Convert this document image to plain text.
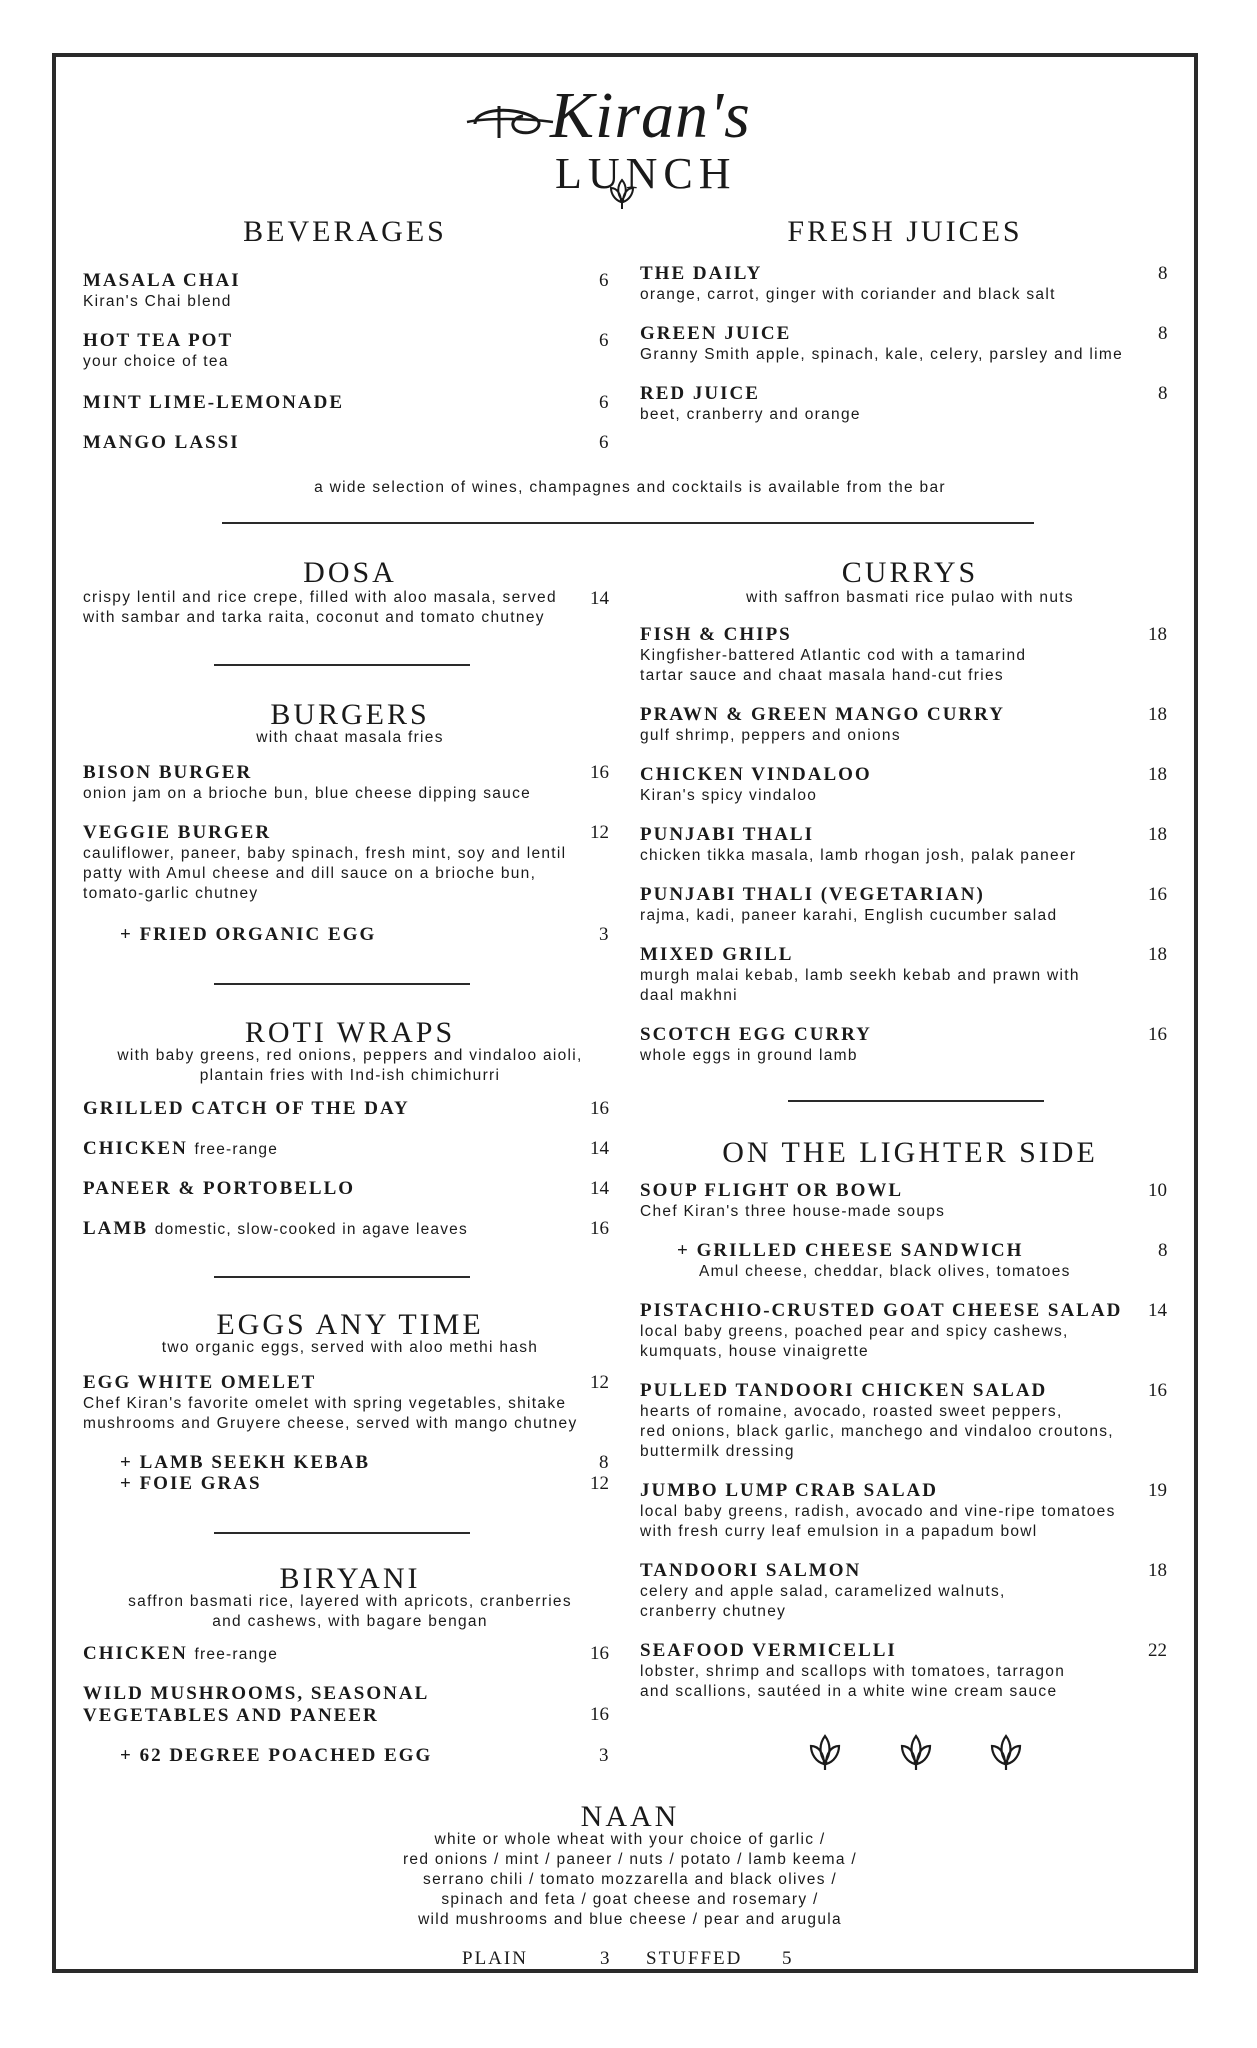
Kiran's
LUNCH
BEVERAGES
MASALA CHAI
Kiran's Chai blend
6
HOT TEA POT
your choice of tea
6
MINT LIME-LEMONADE	6
MANGO LASSI	6
FRESH JUICES
THE DAILY
orange, carrot, ginger with coriander and black salt
8
GREEN JUICE
Granny Smith apple, spinach, kale, celery, parsley and lime
8
RED JUICE
beet, cranberry and orange
8
a wide selection of wines, champagnes and cocktails is available from the bar
DOSA
crispy lentil and rice crepe, filled with aloo masala, served
with sambar and tarka raita, coconut and tomato chutney
14
BURGERS
with chaat masala fries
BISON BURGER
onion jam on a brioche bun, blue cheese dipping sauce
16
VEGGIE BURGER
cauliflower, paneer, baby spinach, fresh mint, soy and lentil
patty with Amul cheese and dill sauce on a brioche bun,
tomato-garlic chutney
12
+ FRIED ORGANIC EGG	3
ROTI WRAPS
with baby greens, red onions, peppers and vindaloo aioli,
plantain fries with Ind-ish chimichurri
GRILLED CATCH OF THE DAY	16
CHICKEN free-range	14
PANEER & PORTOBELLO	14
LAMB domestic, slow-cooked in agave leaves	16
EGGS ANY TIME
two organic eggs, served with aloo methi hash
EGG WHITE OMELET
Chef Kiran's favorite omelet with spring vegetables, shitake
mushrooms and Gruyere cheese, served with mango chutney
12
+ LAMB SEEKH KEBAB	8
+ FOIE GRAS	12
BIRYANI
saffron basmati rice, layered with apricots, cranberries
and cashews, with bagare bengan
CHICKEN free-range	16
WILD MUSHROOMS, SEASONAL
VEGETABLES AND PANEER	16
+ 62 DEGREE POACHED EGG	3
CURRYS
with saffron basmati rice pulao with nuts
FISH & CHIPS
Kingfisher-battered Atlantic cod with a tamarind
tartar sauce and chaat masala hand-cut fries
18
PRAWN & GREEN MANGO CURRY
gulf shrimp, peppers and onions
18
CHICKEN VINDALOO
Kiran's spicy vindaloo
18
PUNJABI THALI
chicken tikka masala, lamb rhogan josh, palak paneer
18
PUNJABI THALI (VEGETARIAN)
rajma, kadi, paneer karahi, English cucumber salad
16
MIXED GRILL
murgh malai kebab, lamb seekh kebab and prawn with
daal makhni
18
SCOTCH EGG CURRY
whole eggs in ground lamb
16
ON THE LIGHTER SIDE
SOUP FLIGHT OR BOWL
Chef Kiran's three house-made soups
10
+ GRILLED CHEESE SANDWICH
Amul cheese, cheddar, black olives, tomatoes
8
PISTACHIO-CRUSTED GOAT CHEESE SALAD
local baby greens, poached pear and spicy cashews,
kumquats, house vinaigrette
14
PULLED TANDOORI CHICKEN SALAD
hearts of romaine, avocado, roasted sweet peppers,
red onions, black garlic, manchego and vindaloo croutons,
buttermilk dressing
16
JUMBO LUMP CRAB SALAD
local baby greens, radish, avocado and vine-ripe tomatoes
with fresh curry leaf emulsion in a papadum bowl
19
TANDOORI SALMON
celery and apple salad, caramelized walnuts,
cranberry chutney
18
SEAFOOD VERMICELLI
lobster, shrimp and scallops with tomatoes, tarragon
and scallions, sautéed in a white wine cream sauce
22
NAAN
white or whole wheat with your choice of garlic /
red onions / mint / paneer / nuts / potato / lamb keema /
serrano chili / tomato mozzarella and black olives /
spinach and feta / goat cheese and rosemary /
wild mushrooms and blue cheese / pear and arugula
PLAIN	3 STUFFED 5
